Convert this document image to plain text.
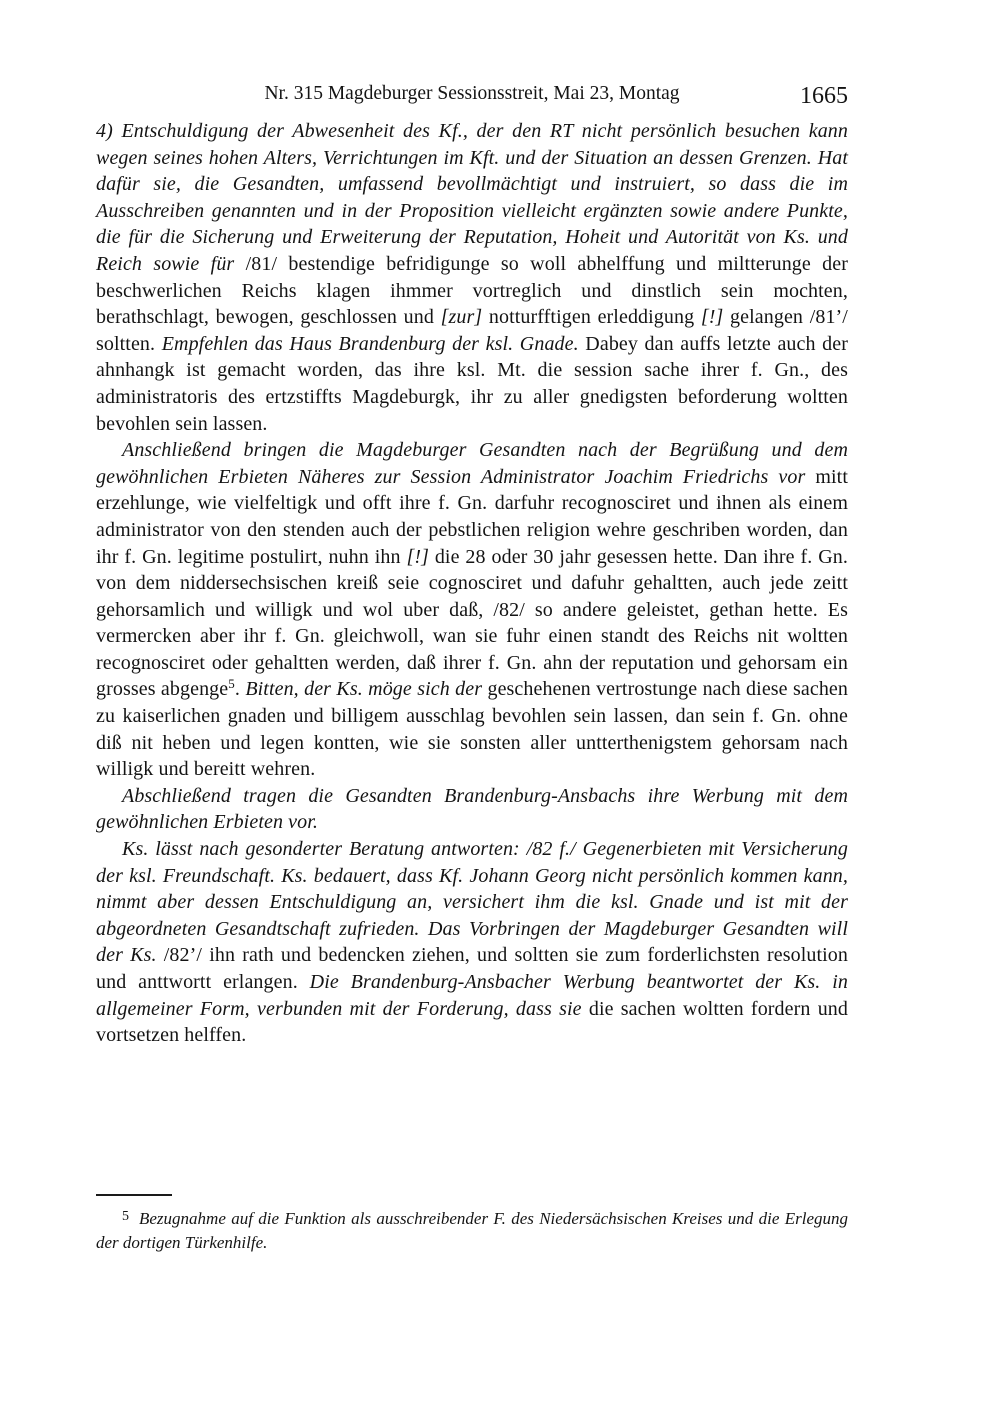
Nr. 315 Magdeburger Sessionsstreit, Mai 23, Montag	1665

4) Entschuldigung der Abwesenheit des Kf., der den RT nicht persönlich besuchen kann wegen seines hohen Alters, Verrichtungen im Kft. und der Situation an dessen Grenzen. Hat dafür sie, die Gesandten, umfassend bevollmächtigt und instruiert, so dass die im Ausschreiben genannten und in der Proposition vielleicht ergänzten sowie andere Punkte, die für die Sicherung und Erweiterung der Reputation, Hoheit und Autorität von Ks. und Reich sowie für /81/ bestendige befridigunge so woll abhelffung und miltterunge der beschwerlichen Reichs klagen ihmmer vortreglich und dinstlich sein mochten, berathschlagt, bewogen, geschlossen und [zur] notturfftigen erleddigung [!] gelangen /81’/ soltten. Empfehlen das Haus Brandenburg der ksl. Gnade. Dabey dan auffs letzte auch der ahnhangk ist gemacht worden, das ihre ksl. Mt. die session sache ihrer f. Gn., des administratoris des ertzstiffts Magdeburgk, ihr zu aller gnedigsten beforderung woltten bevohlen sein lassen.

Anschließend bringen die Magdeburger Gesandten nach der Begrüßung und dem gewöhnlichen Erbieten Näheres zur Session Administrator Joachim Friedrichs vor mitt erzehlunge, wie vielfeltigk und offt ihre f. Gn. darfuhr recognosciret und ihnen als einem administrator von den stenden auch der pebstlichen religion wehre geschriben worden, dan ihr f. Gn. legitime postulirt, nuhn ihn [!] die 28 oder 30 jahr gesessen hette. Dan ihre f. Gn. von dem niddersechsischen kreiß seie cognosciret und dafuhr gehaltten, auch jede zeitt gehorsamlich und willigk und wol uber daß, /82/ so andere geleistet, gethan hette. Es vermercken aber ihr f. Gn. gleichwoll, wan sie fuhr einen standt des Reichs nit woltten recognosciret oder gehaltten werden, daß ihrer f. Gn. ahn der reputation und gehorsam ein grosses abgenge$^5$. Bitten, der Ks. möge sich der geschehenen vertrostunge nach diese sachen zu kaiserlichen gnaden und billigem ausschlag bevohlen sein lassen, dan sein f. Gn. ohne diß nit heben und legen kontten, wie sie sonsten aller untterthenigstem gehorsam nach willigk und bereitt wehren.

Abschließend tragen die Gesandten Brandenburg-Ansbachs ihre Werbung mit dem gewöhnlichen Erbieten vor.

Ks. lässt nach gesonderter Beratung antworten: /82 f./ Gegenerbieten mit Versicherung der ksl. Freundschaft. Ks. bedauert, dass Kf. Johann Georg nicht persönlich kommen kann, nimmt aber dessen Entschuldigung an, versichert ihm die ksl. Gnade und ist mit der abgeordneten Gesandtschaft zufrieden. Das Vorbringen der Magdeburger Gesandten will der Ks. /82’/ ihn rath und bedencken ziehen, und soltten sie zum forderlichsten resolution und anttwortt erlangen. Die Brandenburg-Ansbacher Werbung beantwortet der Ks. in allgemeiner Form, verbunden mit der Forderung, dass sie die sachen woltten fordern und vortsetzen helffen.

$^5$ Bezugnahme auf die Funktion als ausschreibender F. des Niedersächsischen Kreises und die Erlegung der dortigen Türkenhilfe.
